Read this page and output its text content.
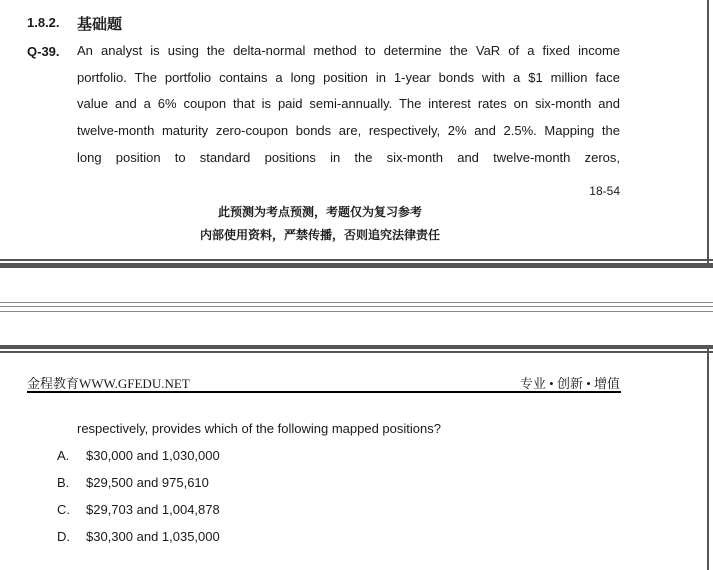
1.8.2. 基础题
Q-39. An analyst is using the delta-normal method to determine the VaR of a fixed income
portfolio. The portfolio contains a long position in 1-year bonds with a $1 million face
value and a 6% coupon that is paid semi-annually. The interest rates on six-month and
twelve-month maturity zero-coupon bonds are, respectively, 2% and 2.5%. Mapping the
long position to standard positions in the six-month and twelve-month zeros,
18-54
此预测为考点预测，考题仅为复习参考
内部使用资料，严禁传播，否则追究法律责任
金程教育WWW.GFEDU.NET	专业 • 创新 • 增值
respectively, provides which of the following mapped positions?
A. $30,000 and 1,030,000
B. $29,500 and 975,610
C. $29,703 and 1,004,878
D. $30,300 and 1,035,000
